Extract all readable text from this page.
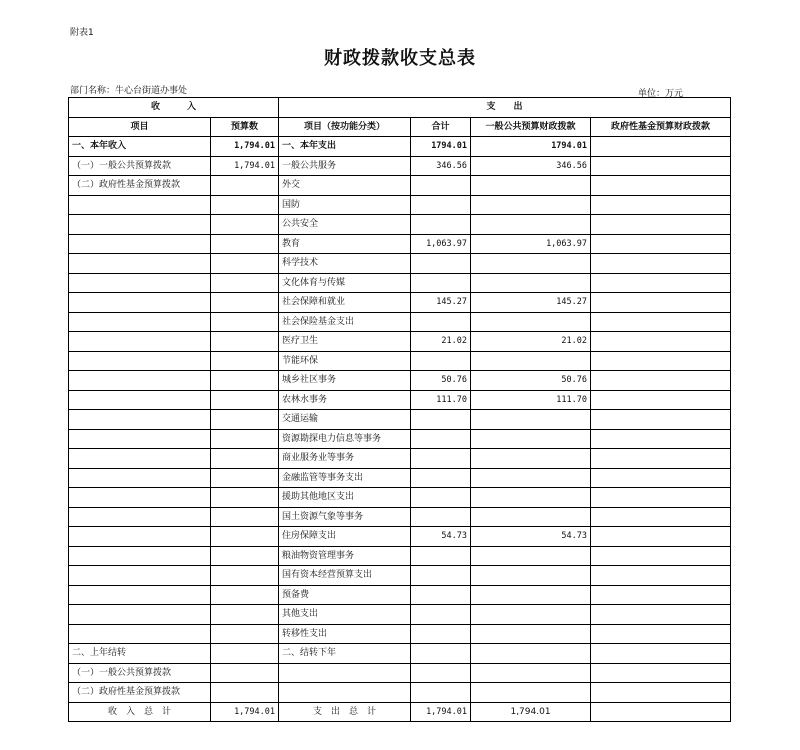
附表1
财政拨款收支总表
部门名称：牛心台街道办事处	单位：万元
收　　　入		支　　出			
项目	预算数	项目（按功能分类）	合计	一般公共预算财政拨款	政府性基金预算财政拨款
一、本年收入	1,794.01	一、本年支出	1794.01	1794.01	
（一）一般公共预算拨款	1,794.01	一般公共服务	346.56	346.56	
（二）政府性基金预算拨款		外交			
		国防			
		公共安全			
		教育	1,063.97	1,063.97	
		科学技术			
		文化体育与传媒			
		社会保障和就业	145.27	145.27	
		社会保险基金支出			
		医疗卫生	21.02	21.02	
		节能环保			
		城乡社区事务	50.76	50.76	
		农林水事务	111.70	111.70	
		交通运输			
		资源勘探电力信息等事务			
		商业服务业等事务			
		金融监管等事务支出			
		援助其他地区支出			
		国土资源气象等事务			
		住房保障支出	54.73	54.73	
		粮油物资管理事务			
		国有资本经营预算支出			
		预备费			
		其他支出			
		转移性支出			
二、上年结转		二、结转下年			
（一）一般公共预算拨款					
（二）政府性基金预算拨款					
收　入　总　计	1,794.01	支　出　总　计	1,794.01	1,794.01	
